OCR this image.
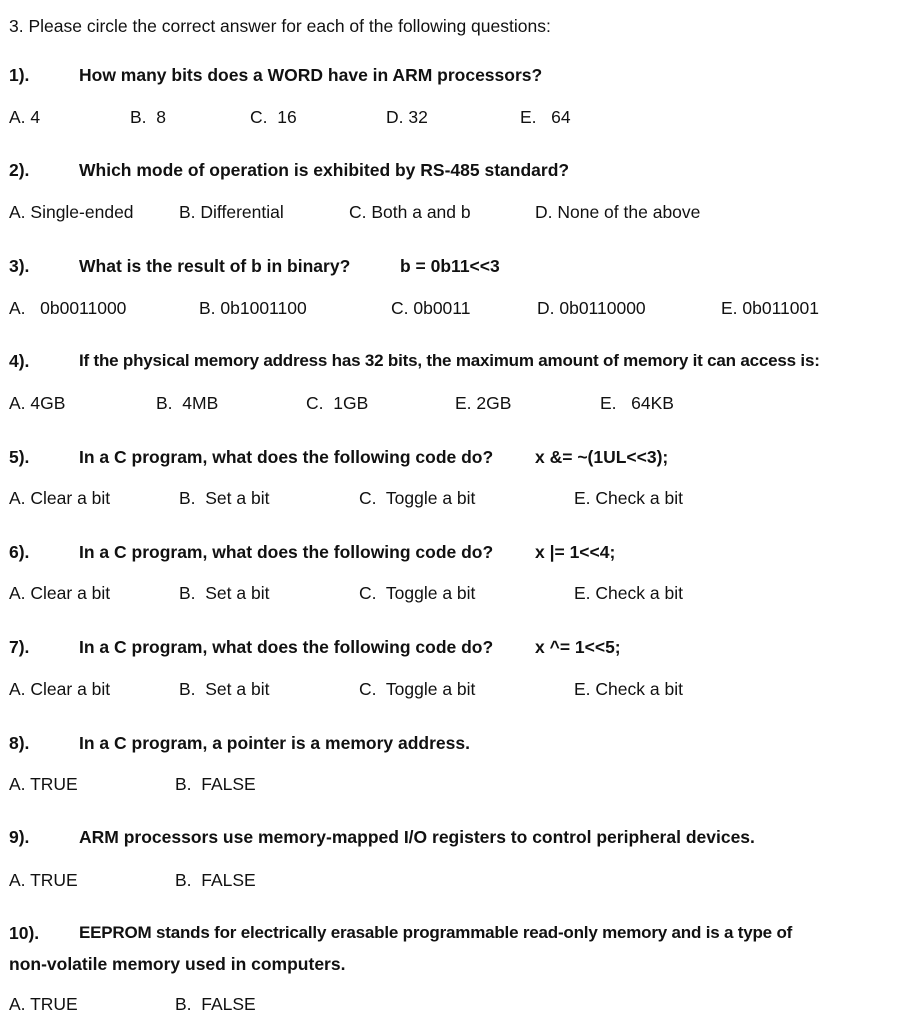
3. Please circle the correct answer for each of the following questions:
1).	How many bits does a WORD have in ARM processors?
A. 4	B.  8	C.  16	D. 32	E.   64
2).	Which mode of operation is exhibited by RS-485 standard?
A. Single-ended	B. Differential	C. Both a and b	D. None of the above
3).	What is the result of b in binary?	b = 0b11<<3
A.   0b0011000	B. 0b1001100	C. 0b0011	D. 0b0110000	E. 0b011001
4).	If the physical memory address has 32 bits, the maximum amount of memory it can access is:
A. 4GB	B.  4MB	C.  1GB	E. 2GB	E.   64KB
5).	In a C program, what does the following code do? x &= ~(1UL<<3);
A. Clear a bit	B.  Set a bit	C.  Toggle a bit	E. Check a bit
6).	In a C program, what does the following code do? x |= 1<<4;
A. Clear a bit	B.  Set a bit	C.  Toggle a bit	E. Check a bit
7).	In a C program, what does the following code do? x ^= 1<<5;
A. Clear a bit	B.  Set a bit	C.  Toggle a bit	E. Check a bit
8).	In a C program, a pointer is a memory address.
A. TRUE	B.  FALSE
9).	ARM processors use memory-mapped I/O registers to control peripheral devices.
A. TRUE	B.  FALSE
10). EEPROM stands for electrically erasable programmable read-only memory and is a type of
non-volatile memory used in computers.
A. TRUE	B.  FALSE
